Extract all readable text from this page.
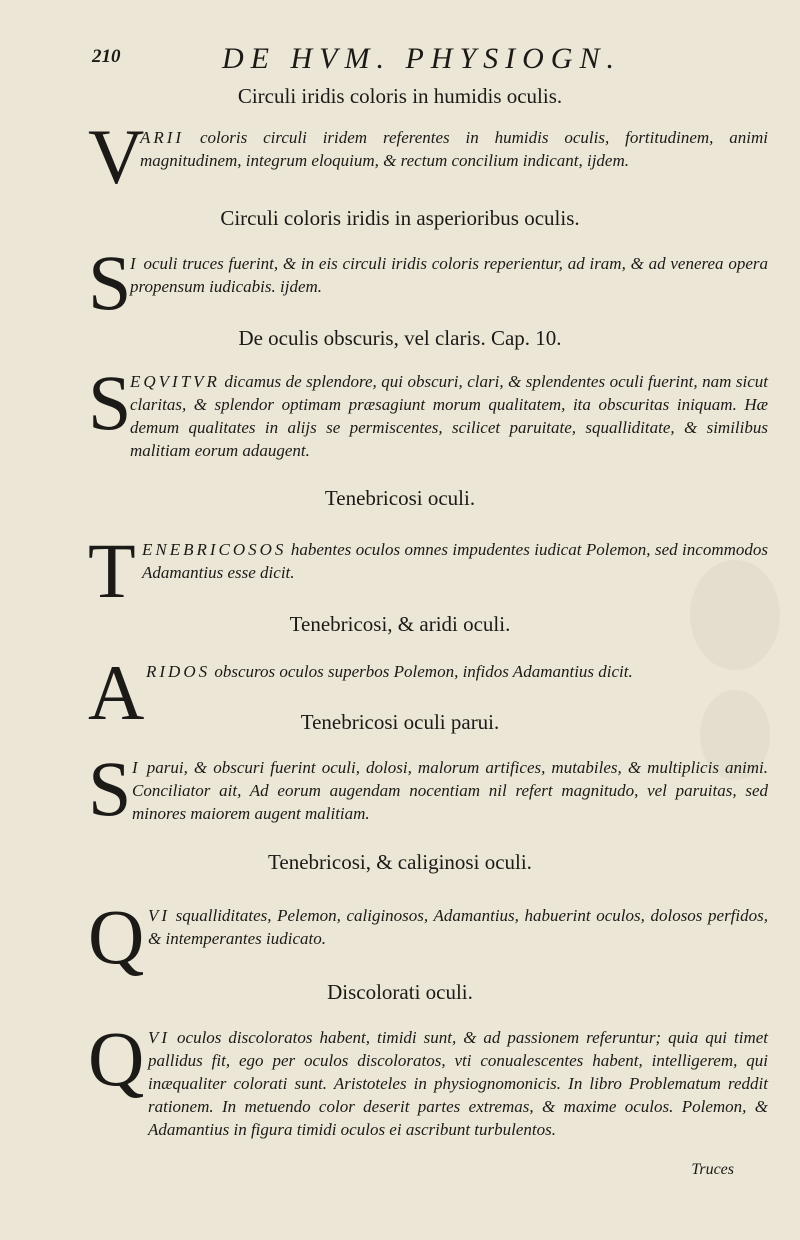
210	DE HVM. PHYSIOGN.
Circuli iridis coloris in humidis oculis.
V

ARII coloris circuli iridem referentes in humidis oculis, fortitudinem, animi magnitudinem, integrum eloquium, & rectum concilium indicant, ijdem.

Circuli coloris iridis in asperioribus oculis.
S

I oculi truces fuerint, & in eis circuli iridis coloris reperientur, ad iram, & ad venerea opera propensum iudicabis. ijdem.

De oculis obscuris, vel claris. Cap. 10.
S

EQVITVR dicamus de splendore, qui obscuri, clari, & splendentes oculi fuerint, nam sicut claritas, & splendor optimam præsagiunt morum qualitatem, ita obscuritas iniquam. Hæ demum qualitates in alijs se permiscentes, scilicet paruitate, squalliditate, & similibus malitiam eorum adaugent.

Tenebricosi oculi.
T ENEBRICOSOS habentes oculos omnes impudentes iudicat Polemon, sed incommodos Adamantius esse dicit.

Tenebricosi, & aridi oculi.
A RIDOS obscuros oculos superbos Polemon, infidos Adamantius dicit.

Tenebricosi oculi parui.
S I parui, & obscuri fuerint oculi, dolosi, malorum artifices, mutabiles, & multiplicis animi. Conciliator ait, Ad eorum augendam nocentiam nil refert magnitudo, vel paruitas, sed minores maiorem augent malitiam.

Tenebricosi, & caliginosi oculi.
Q VI squalliditates, Pelemon, caliginosos, Adamantius, habuerint oculos, dolosos perfidos, & intemperantes iudicato.

Discolorati oculi.
Q VI oculos discoloratos habent, timidi sunt, & ad passionem referuntur; quia qui timet pallidus fit, ego per oculos discoloratos, vti conualescentes habent, intelligerem, qui inæqualiter colorati sunt. Aristoteles in physiognomonicis. In libro Problematum reddit rationem. In metuendo color deserit partes extremas, & maxime oculos. Polemon, & Adamantius in figura timidi oculos ei ascribunt turbulentos.

Truces
